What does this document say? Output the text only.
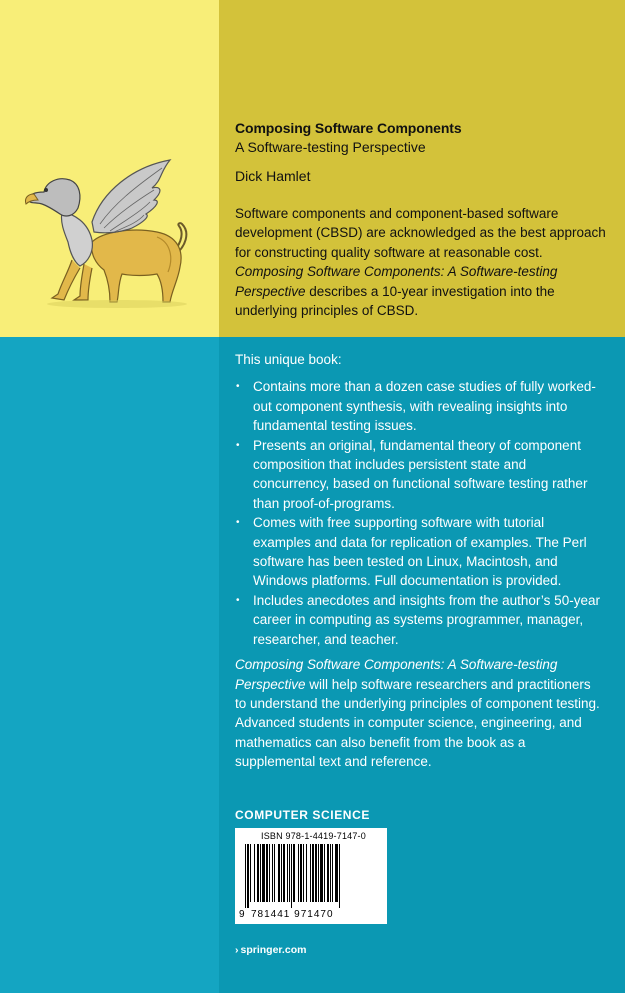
Composing Software Components

A Software-testing Perspective

Dick Hamlet

Software components and component-based software development (CBSD) are acknowledged as the best approach for constructing quality software at reasonable cost. Composing Software Components: A Software-testing Perspective describes a 10-year investigation into the underlying principles of CBSD.

This unique book:

• Contains more than a dozen case studies of fully worked-out component synthesis, with revealing insights into fundamental testing issues.
• Presents an original, fundamental theory of component composition that includes persistent state and concurrency, based on functional software testing rather than proof-of-programs.
• Comes with free supporting software with tutorial examples and data for replication of examples. The Perl software has been tested on Linux, Macintosh, and Windows platforms. Full documentation is provided.
• Includes anecdotes and insights from the author’s 50-year career in computing as systems programmer, manager, researcher, and teacher.

Composing Software Components: A Software-testing Perspective will help software researchers and practitioners to understand the underlying principles of component testing. Advanced students in computer science, engineering, and mathematics can also benefit from the book as a supplemental text and reference.

COMPUTER SCIENCE
ISBN 978-1-4419-7147-0
9 781441 971470
› springer.com
